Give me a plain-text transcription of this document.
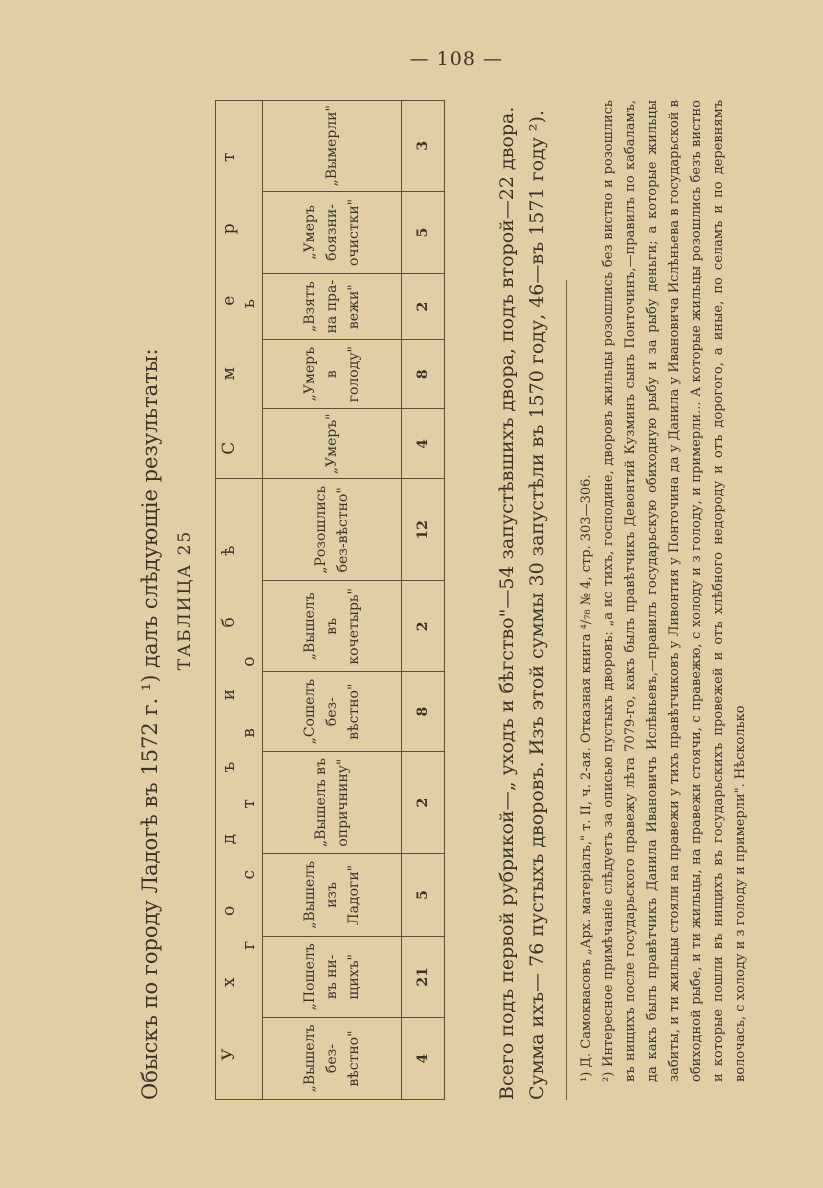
— 108 —
Обыскъ по городу Ладогѣ въ 1572 г. ¹) далъ слѣдующіе результаты: ТАБЛИЦА 25 У х о д ъ и б ѣ г с т в о							С м е р т ь				
„Вышелъ без-вѣстно"	„Пошелъ въ ни-щихъ"	„Вышелъ изъ Ладоги"	„Вышелъ въ опричнину"	„Сошелъ без-вѣстно"	„Вышелъ въ кочетырь"	„Розошлись без-вѣстно"	„Умеръ"	„Умеръ в голоду"	„Взятъ на пра-вежи"	„Умеръ боязни-очистки"	„Вымерли"
4	21	5	2	8	2	12	4	8	2	5	3	Всего подъ первой рубрикой—„ уходъ и бѣгство"—54 запустѣвшихъ двора, подъ второй—22 двора. Сумма ихъ— 76 пустыхъ дворовъ. Изъ этой суммы 30 запустѣли въ 1570 году, 46—въ 1571 году ²).	¹) Д. Самоквасовъ „Арх. матеріалъ," т. II, ч. 2-ая. Отказная книга ⁴/₇₈ № 4, стр. 303—306. ²) Интересное примѣчаніе слѣдуетъ за описью пустыхъ дворовъ: „а ис тихъ, господине, дворовъ жильцы розошлись без вистно и розошлись въ нищихъ после государьского правежу лѣта 7079-го, какъ былъ правѣтчикъ Девонтий Кузминъ сынъ Понточинъ,—правилъ по кабаламъ, да какъ былъ правѣтчикъ Данила Ивановичъ Ислѣньевъ,—правилъ государьскую обиходную рыбу и за рыбу деньги; а которые жильцы забиты, и ти жильцы стояли на правежи у тихъ правѣтчиковъ у Ливонтия у Понточина да у Данила у Ивановича Ислѣньева в государьской в обиходной рыбе, и ти жильцы, на правежи стоячи, с правежю, с холоду и з голоду, и примерли... А которые жильцы розошлись безъ вистно и которые пошли въ нищихъ въ государьскихъ провежей и отъ хлѣбного недороду и отъ дорогого, а иные, по селамъ и по деревнямъ волочась, с холоду и з голоду и примерли". Нѣсколько
